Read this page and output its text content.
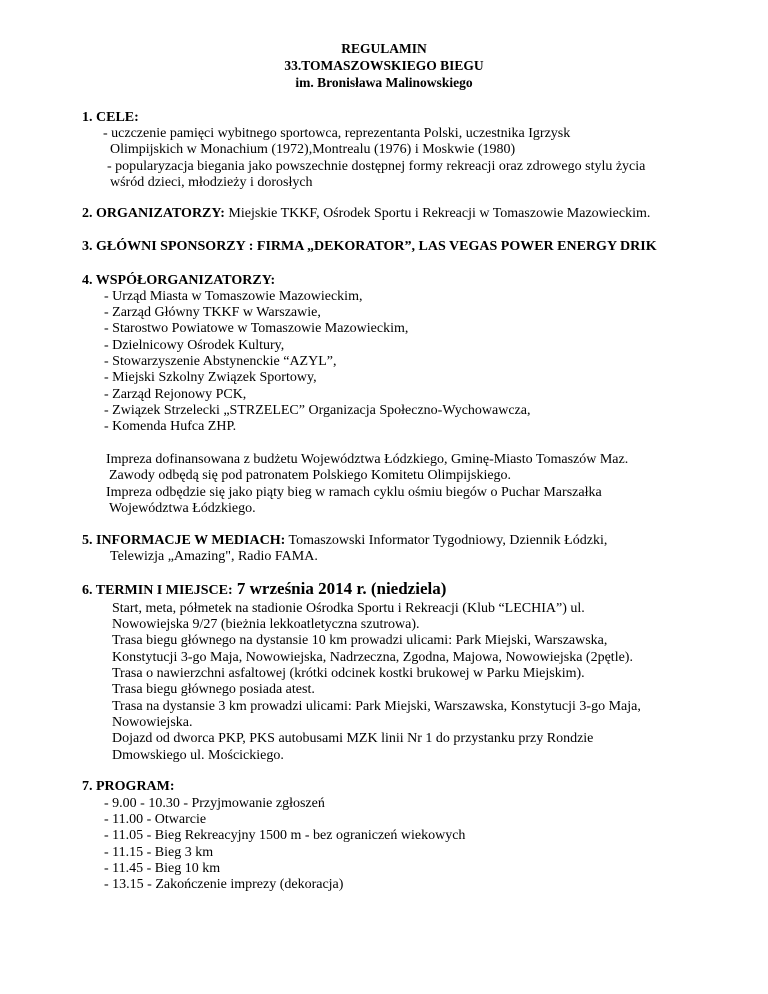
REGULAMIN
33.TOMASZOWSKIEGO BIEGU
im. Bronisława Malinowskiego
1. CELE:
- uczczenie pamięci wybitnego sportowca, reprezentanta Polski, uczestnika Igrzysk
Olimpijskich w Monachium (1972),Montrealu (1976) i Moskwie (1980)
- popularyzacja biegania jako powszechnie dostępnej formy rekreacji oraz zdrowego stylu życia
wśród dzieci, młodzieży i dorosłych
2. ORGANIZATORZY: Miejskie TKKF, Ośrodek Sportu i Rekreacji w Tomaszowie Mazowieckim.
3. GŁÓWNI SPONSORZY : FIRMA „DEKORATOR”, LAS VEGAS POWER ENERGY DRIK
4. WSPÓŁORGANIZATORZY:
- Urząd Miasta w Tomaszowie Mazowieckim,
- Zarząd Główny TKKF w Warszawie,
- Starostwo Powiatowe w Tomaszowie Mazowieckim,
- Dzielnicowy Ośrodek Kultury,
- Stowarzyszenie Abstynenckie “AZYL”,
- Miejski Szkolny Związek Sportowy,
- Zarząd Rejonowy PCK,
- Związek Strzelecki „STRZELEC” Organizacja Społeczno-Wychowawcza,
- Komenda Hufca ZHP.
Impreza dofinansowana z budżetu Województwa Łódzkiego, Gminę-Miasto Tomaszów Maz.
Zawody odbędą się pod patronatem Polskiego Komitetu Olimpijskiego.
Impreza odbędzie się jako piąty bieg w ramach cyklu ośmiu biegów o Puchar Marszałka
Województwa Łódzkiego.
5. INFORMACJE W MEDIACH: Tomaszowski Informator Tygodniowy, Dziennik Łódzki,
Telewizja „Amazing", Radio FAMA.
6. TERMIN I MIEJSCE: 7 września 2014 r. (niedziela)
Start, meta, półmetek na stadionie Ośrodka Sportu i Rekreacji (Klub “LECHIA”) ul.
Nowowiejska 9/27 (bieżnia lekkoatletyczna szutrowa).
Trasa biegu głównego na dystansie 10 km prowadzi ulicami: Park Miejski, Warszawska,
Konstytucji 3-go Maja, Nowowiejska, Nadrzeczna, Zgodna, Majowa, Nowowiejska (2pętle).
Trasa o nawierzchni asfaltowej (krótki odcinek kostki brukowej w Parku Miejskim).
Trasa biegu głównego posiada atest.
Trasa na dystansie 3 km prowadzi ulicami: Park Miejski, Warszawska, Konstytucji 3-go Maja,
Nowowiejska.
Dojazd od dworca PKP, PKS autobusami MZK linii Nr 1 do przystanku przy Rondzie
Dmowskiego ul. Mościckiego.
7. PROGRAM:
- 9.00 - 10.30 - Przyjmowanie zgłoszeń
- 11.00 - Otwarcie
- 11.05 - Bieg Rekreacyjny 1500 m - bez ograniczeń wiekowych
- 11.15 - Bieg 3 km
- 11.45 - Bieg 10 km
- 13.15 - Zakończenie imprezy (dekoracja)
